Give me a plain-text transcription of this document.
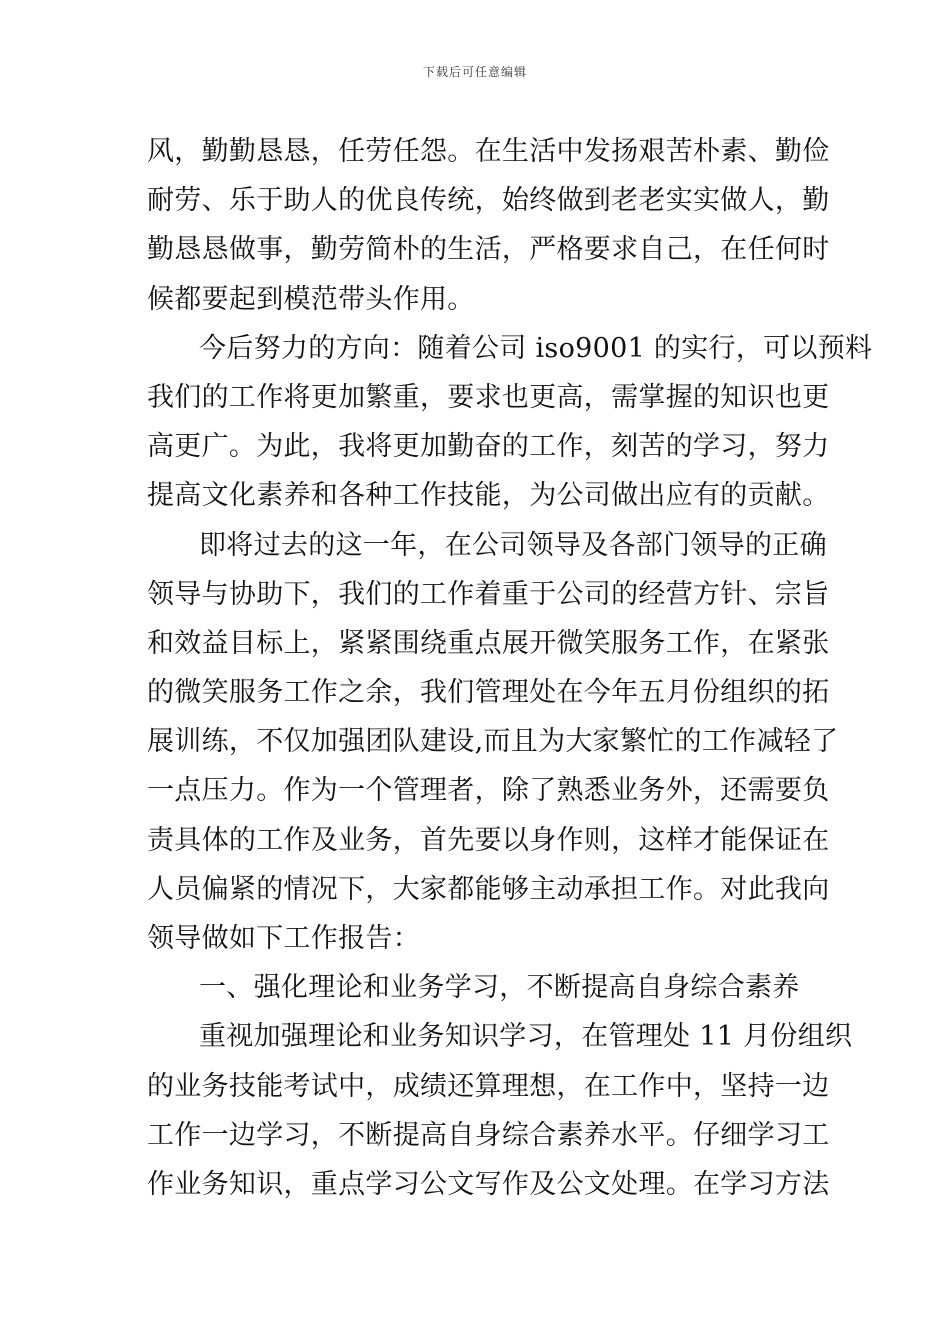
下载后可任意编辑
风，勤勤恳恳，任劳任怨。在生活中发扬艰苦朴素、勤俭
耐劳、乐于助人的优良传统，始终做到老老实实做人，勤
勤恳恳做事，勤劳简朴的生活，严格要求自己，在任何时
候都要起到模范带头作用。
今后努力的方向：随着公司 iso9001 的实行，可以预料
我们的工作将更加繁重，要求也更高，需掌握的知识也更
高更广。为此，我将更加勤奋的工作，刻苦的学习，努力
提高文化素养和各种工作技能，为公司做出应有的贡献。
即将过去的这一年，在公司领导及各部门领导的正确
领导与协助下，我们的工作着重于公司的经营方针、宗旨
和效益目标上，紧紧围绕重点展开微笑服务工作，在紧张
的微笑服务工作之余，我们管理处在今年五月份组织的拓
展训练，不仅加强团队建设,而且为大家繁忙的工作减轻了
一点压力。作为一个管理者，除了熟悉业务外，还需要负
责具体的工作及业务，首先要以身作则，这样才能保证在
人员偏紧的情况下，大家都能够主动承担工作。对此我向
领导做如下工作报告：
一、强化理论和业务学习，不断提高自身综合素养
重视加强理论和业务知识学习，在管理处 11 月份组织
的业务技能考试中，成绩还算理想，在工作中，坚持一边
工作一边学习，不断提高自身综合素养水平。仔细学习工
作业务知识，重点学习公文写作及公文处理。在学习方法
